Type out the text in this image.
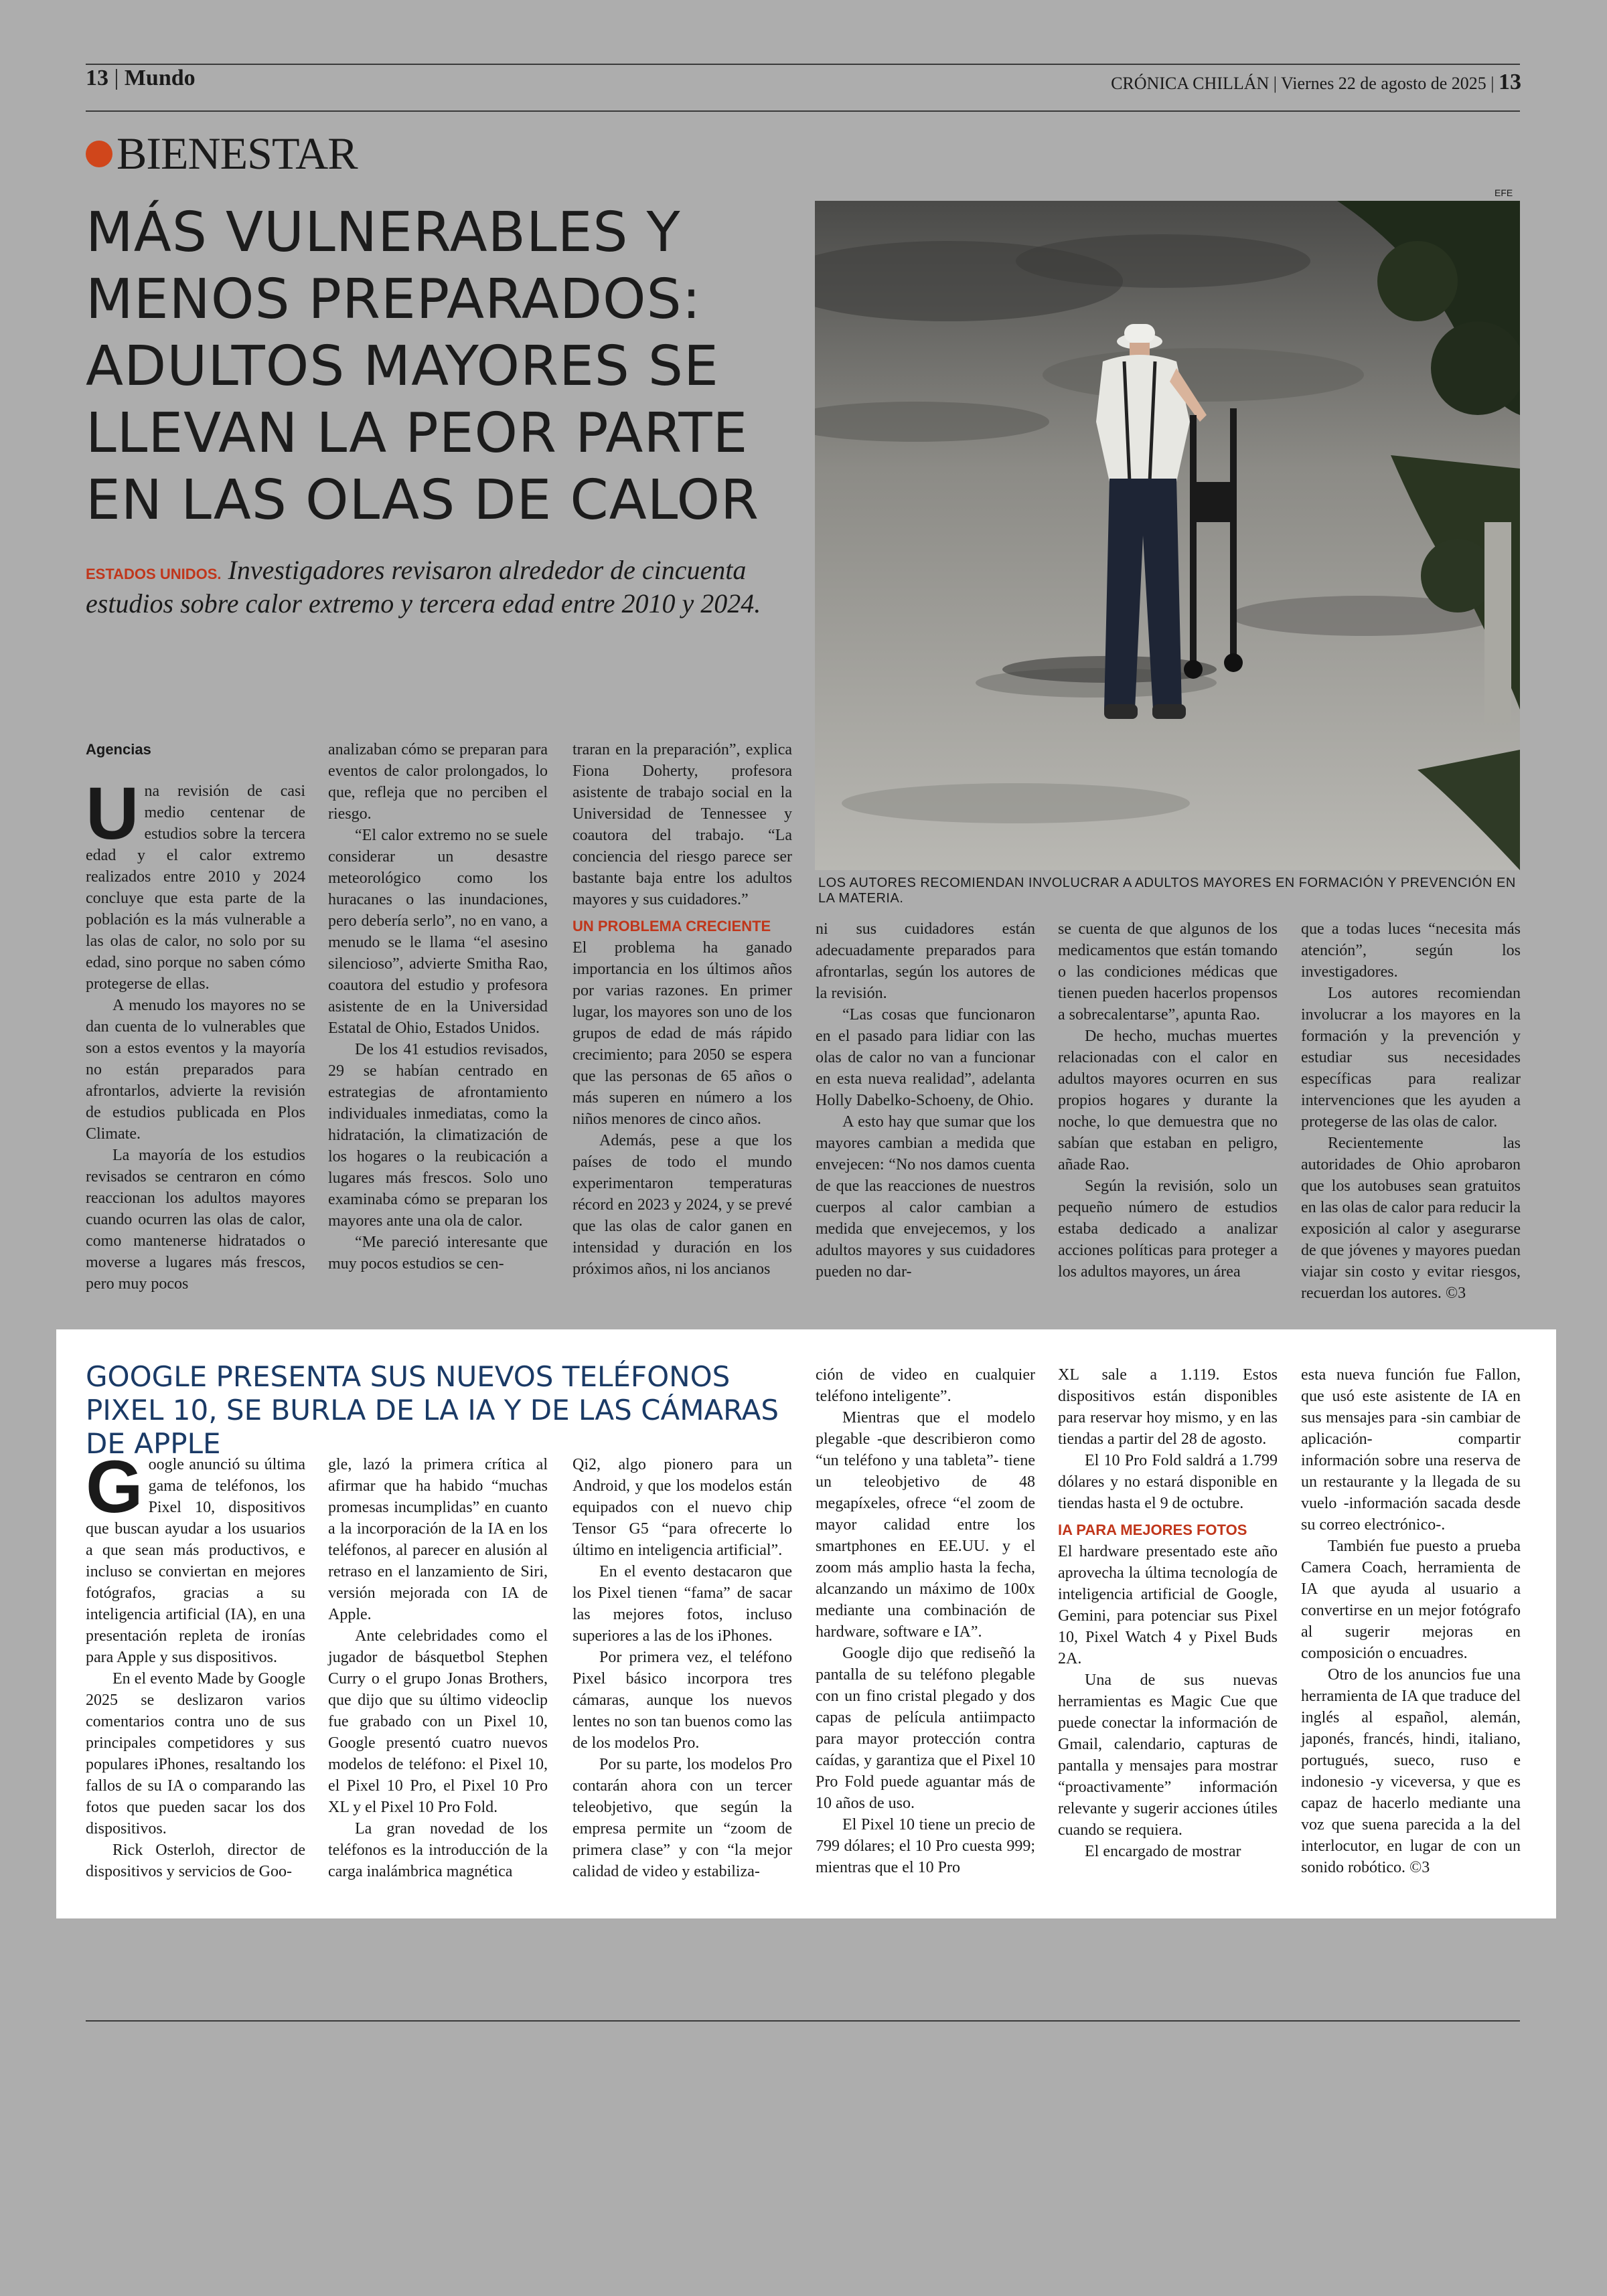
13 | Mundo	CRÓNICA CHILLÁN | Viernes 22 de agosto de 2025 | 13
BIENESTAR
MÁS VULNERABLES Y MENOS PREPARADOS: ADULTOS MAYORES SE LLEVAN LA PEOR PARTE EN LAS OLAS DE CALOR
ESTADOS UNIDOS. Investigadores revisaron alrededor de cincuenta estudios sobre calor extremo y tercera edad entre 2010 y 2024.
EFE
LOS AUTORES RECOMIENDAN INVOLUCRAR A ADULTOS MAYORES EN FORMACIÓN Y PREVENCIÓN EN LA MATERIA.

Agencias

Una revisión de casi medio centenar de estudios sobre la tercera edad y el calor extremo realizados entre 2010 y 2024 concluye que esta parte de la población es la más vulnerable a las olas de calor, no solo por su edad, sino porque no saben cómo protegerse de ellas.

A menudo los mayores no se dan cuenta de lo vulnerables que son a estos eventos y la mayoría no están preparados para afrontarlos, advierte la revisión de estudios publicada en Plos Climate.

La mayoría de los estudios revisados se centraron en cómo reaccionan los adultos mayores cuando ocurren las olas de calor, como mantenerse hidratados o moverse a lugares más frescos, pero muy pocos

analizaban cómo se preparan para eventos de calor prolongados, lo que, refleja que no perciben el riesgo.

“El calor extremo no se suele considerar un desastre meteorológico como los huracanes o las inundaciones, pero debería serlo”, no en vano, a menudo se le llama “el asesino silencioso”, advierte Smitha Rao, coautora del estudio y profesora asistente de en la Universidad Estatal de Ohio, Estados Unidos.

De los 41 estudios revisados, 29 se habían centrado en estrategias de afrontamiento individuales inmediatas, como la hidratación, la climatización de los hogares o la reubicación a lugares más frescos. Solo uno examinaba cómo se preparan los mayores ante una ola de calor.

“Me pareció interesante que muy pocos estudios se cen-

traran en la preparación”, explica Fiona Doherty, profesora asistente de trabajo social en la Universidad de Tennessee y coautora del trabajo. “La conciencia del riesgo parece ser bastante baja entre los adultos mayores y sus cuidadores.”

UN PROBLEMA CRECIENTE

El problema ha ganado importancia en los últimos años por varias razones. En primer lugar, los mayores son uno de los grupos de edad de más rápido crecimiento; para 2050 se espera que las personas de 65 años o más superen en número a los niños menores de cinco años.

Además, pese a que los países de todo el mundo experimentaron temperaturas récord en 2023 y 2024, y se prevé que las olas de calor ganen en intensidad y duración en los próximos años, ni los ancianos

ni sus cuidadores están adecuadamente preparados para afrontarlas, según los autores de la revisión.

“Las cosas que funcionaron en el pasado para lidiar con las olas de calor no van a funcionar en esta nueva realidad”, adelanta Holly Dabelko-Schoeny, de Ohio.

A esto hay que sumar que los mayores cambian a medida que envejecen: “No nos damos cuenta de que las reacciones de nuestros cuerpos al calor cambian a medida que envejecemos, y los adultos mayores y sus cuidadores pueden no dar-

se cuenta de que algunos de los medicamentos que están tomando o las condiciones médicas que tienen pueden hacerlos propensos a sobrecalentarse”, apunta Rao.

De hecho, muchas muertes relacionadas con el calor en adultos mayores ocurren en sus propios hogares y durante la noche, lo que demuestra que no sabían que estaban en peligro, añade Rao.

Según la revisión, solo un pequeño número de estudios estaba dedicado a analizar acciones políticas para proteger a los adultos mayores, un área

que a todas luces “necesita más atención”, según los investigadores.

Los autores recomiendan involucrar a los mayores en la formación y la prevención y estudiar sus necesidades específicas para realizar intervenciones que les ayuden a protegerse de las olas de calor.

Recientemente las autoridades de Ohio aprobaron que los autobuses sean gratuitos en las olas de calor para reducir la exposición al calor y asegurarse de que jóvenes y mayores puedan viajar sin costo y evitar riesgos, recuerdan los autores. ©3

GOOGLE PRESENTA SUS NUEVOS TELÉFONOS PIXEL 10, SE BURLA DE LA IA Y DE LAS CÁMARAS DE APPLE

Google anunció su última gama de teléfonos, los Pixel 10, dispositivos que buscan ayudar a los usuarios a que sean más productivos, e incluso se conviertan en mejores fotógrafos, gracias a su inteligencia artificial (IA), en una presentación repleta de ironías para Apple y sus dispositivos.

En el evento Made by Google 2025 se deslizaron varios comentarios contra uno de sus principales competidores y sus populares iPhones, resaltando los fallos de su IA o comparando las fotos que pueden sacar los dos dispositivos.

Rick Osterloh, director de dispositivos y servicios de Goo-

gle, lazó la primera crítica al afirmar que ha habido “muchas promesas incumplidas” en cuanto a la incorporación de la IA en los teléfonos, al parecer en alusión al retraso en el lanzamiento de Siri, versión mejorada con IA de Apple.

Ante celebridades como el jugador de básquetbol Stephen Curry o el grupo Jonas Brothers, que dijo que su último videoclip fue grabado con un Pixel 10, Google presentó cuatro nuevos modelos de teléfono: el Pixel 10, el Pixel 10 Pro, el Pixel 10 Pro XL y el Pixel 10 Pro Fold.

La gran novedad de los teléfonos es la introducción de la carga inalámbrica magnética

Qi2, algo pionero para un Android, y que los modelos están equipados con el nuevo chip Tensor G5 “para ofrecerte lo último en inteligencia artificial”.

En el evento destacaron que los Pixel tienen “fama” de sacar las mejores fotos, incluso superiores a las de los iPhones.

Por primera vez, el teléfono Pixel básico incorpora tres cámaras, aunque los nuevos lentes no son tan buenos como las de los modelos Pro.

Por su parte, los modelos Pro contarán ahora con un tercer teleobjetivo, que según la empresa permite un “zoom de primera clase” y con “la mejor calidad de video y estabiliza-

ción de video en cualquier teléfono inteligente”.

Mientras que el modelo plegable -que describieron como “un teléfono y una tableta”- tiene un teleobjetivo de 48 megapíxeles, ofrece “el zoom de mayor calidad entre los smartphones en EE.UU. y el zoom más amplio hasta la fecha, alcanzando un máximo de 100x mediante una combinación de hardware, software e IA”.

Google dijo que rediseñó la pantalla de su teléfono plegable con un fino cristal plegado y dos capas de película antiimpacto para mayor protección contra caídas, y garantiza que el Pixel 10 Pro Fold puede aguantar más de 10 años de uso.

El Pixel 10 tiene un precio de 799 dólares; el 10 Pro cuesta 999; mientras que el 10 Pro

XL sale a 1.119. Estos dispositivos están disponibles para reservar hoy mismo, y en las tiendas a partir del 28 de agosto.

El 10 Pro Fold saldrá a 1.799 dólares y no estará disponible en tiendas hasta el 9 de octubre.

IA PARA MEJORES FOTOS

El hardware presentado este año aprovecha la última tecnología de inteligencia artificial de Google, Gemini, para potenciar sus Pixel 10, Pixel Watch 4 y Pixel Buds 2A.

Una de sus nuevas herramientas es Magic Cue que puede conectar la información de Gmail, calendario, capturas de pantalla y mensajes para mostrar “proactivamente” información relevante y sugerir acciones útiles cuando se requiera.

El encargado de mostrar

esta nueva función fue Fallon, que usó este asistente de IA en sus mensajes para -sin cambiar de aplicación- compartir información sobre una reserva de un restaurante y la llegada de su vuelo -información sacada desde su correo electrónico-.

También fue puesto a prueba Camera Coach, herramienta de IA que ayuda al usuario a convertirse en un mejor fotógrafo al sugerir mejoras en composición o encuadres.

Otro de los anuncios fue una herramienta de IA que traduce del inglés al español, alemán, japonés, francés, hindi, italiano, portugués, sueco, ruso e indonesio -y viceversa, y que es capaz de hacerlo mediante una voz que suena parecida a la del interlocutor, en lugar de con un sonido robótico. ©3
